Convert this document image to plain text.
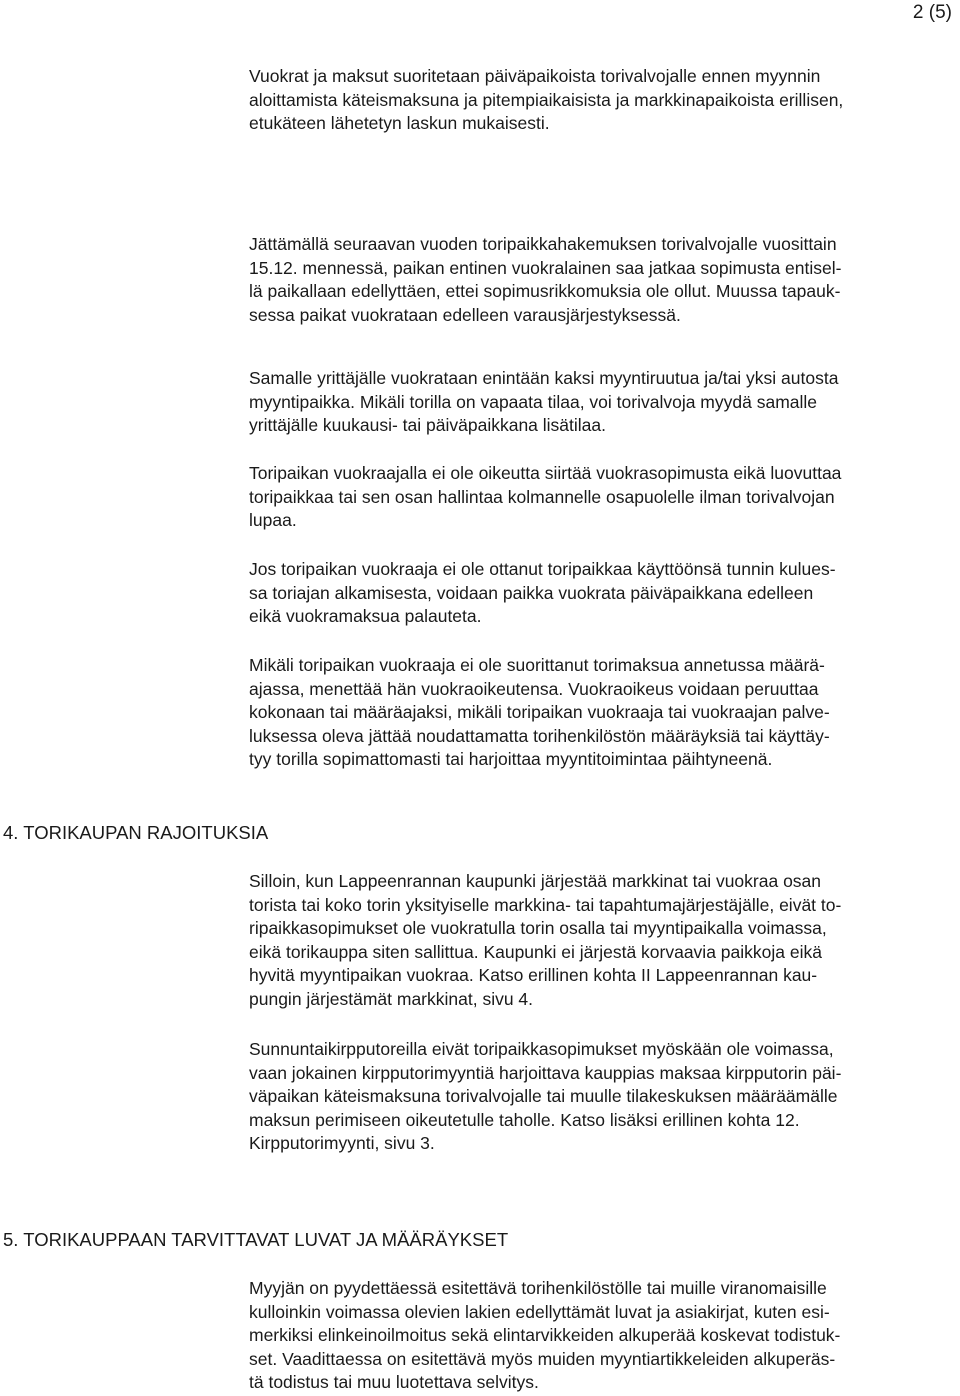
2 (5)

Vuokrat ja maksut suoritetaan päiväpaikoista torivalvojalle ennen myynnin
aloittamista käteismaksuna ja pitempiaikaisista ja markkinapaikoista erillisen,
etukäteen lähetetyn laskun mukaisesti.

Jättämällä seuraavan vuoden toripaikkahakemuksen torivalvojalle vuosittain
15.12. mennessä, paikan entinen vuokralainen saa jatkaa sopimusta entisel-
lä paikallaan edellyttäen, ettei sopimusrikkomuksia ole ollut. Muussa tapauk-
sessa paikat vuokrataan edelleen varausjärjestyksessä.

Samalle yrittäjälle vuokrataan enintään kaksi myyntiruutua ja/tai yksi autosta
myyntipaikka. Mikäli torilla on vapaata tilaa, voi torivalvoja myydä samalle
yrittäjälle kuukausi- tai päiväpaikkana lisätilaa.

Toripaikan vuokraajalla ei ole oikeutta siirtää vuokrasopimusta eikä luovuttaa
toripaikkaa tai sen osan hallintaa kolmannelle osapuolelle ilman torivalvojan
lupaa.

Jos toripaikan vuokraaja ei ole ottanut toripaikkaa käyttöönsä tunnin kulues-
sa toriajan alkamisesta, voidaan paikka vuokrata päiväpaikkana edelleen
eikä vuokramaksua palauteta.

Mikäli toripaikan vuokraaja ei ole suorittanut torimaksua annetussa määrä-
ajassa, menettää hän vuokraoikeutensa. Vuokraoikeus voidaan peruuttaa
kokonaan tai määräajaksi, mikäli toripaikan vuokraaja tai vuokraajan palve-
luksessa oleva jättää noudattamatta torihenkilöstön määräyksiä tai käyttäy-
tyy torilla sopimattomasti tai harjoittaa myyntitoimintaa päihtyneenä.

4. TORIKAUPAN RAJOITUKSIA

Silloin, kun Lappeenrannan kaupunki järjestää markkinat tai vuokraa osan
torista tai koko torin yksityiselle markkina- tai tapahtumajärjestäjälle, eivät to-
ripaikkasopimukset ole vuokratulla torin osalla tai myyntipaikalla voimassa,
eikä torikauppa siten sallittua. Kaupunki ei järjestä korvaavia paikkoja eikä
hyvitä myyntipaikan vuokraa. Katso erillinen kohta II Lappeenrannan kau-
pungin järjestämät markkinat, sivu 4.

Sunnuntaikirpputoreilla eivät toripaikkasopimukset myöskään ole voimassa,
vaan jokainen kirpputorimyyntiä harjoittava kauppias maksaa kirpputorin päi-
väpaikan käteismaksuna torivalvojalle tai muulle tilakeskuksen määräämälle
maksun perimiseen oikeutetulle taholle. Katso lisäksi erillinen kohta 12.
Kirpputorimyynti, sivu 3.

5. TORIKAUPPAAN TARVITTAVAT LUVAT JA MÄÄRÄYKSET

Myyjän on pyydettäessä esitettävä torihenkilöstölle tai muille viranomaisille
kulloinkin voimassa olevien lakien edellyttämät luvat ja asiakirjat, kuten esi-
merkiksi elinkeinoilmoitus sekä elintarvikkeiden alkuperää koskevat todistuk-
set. Vaadittaessa on esitettävä myös muiden myyntiartikkeleiden alkuperäs-
tä todistus tai muu luotettava selvitys.
